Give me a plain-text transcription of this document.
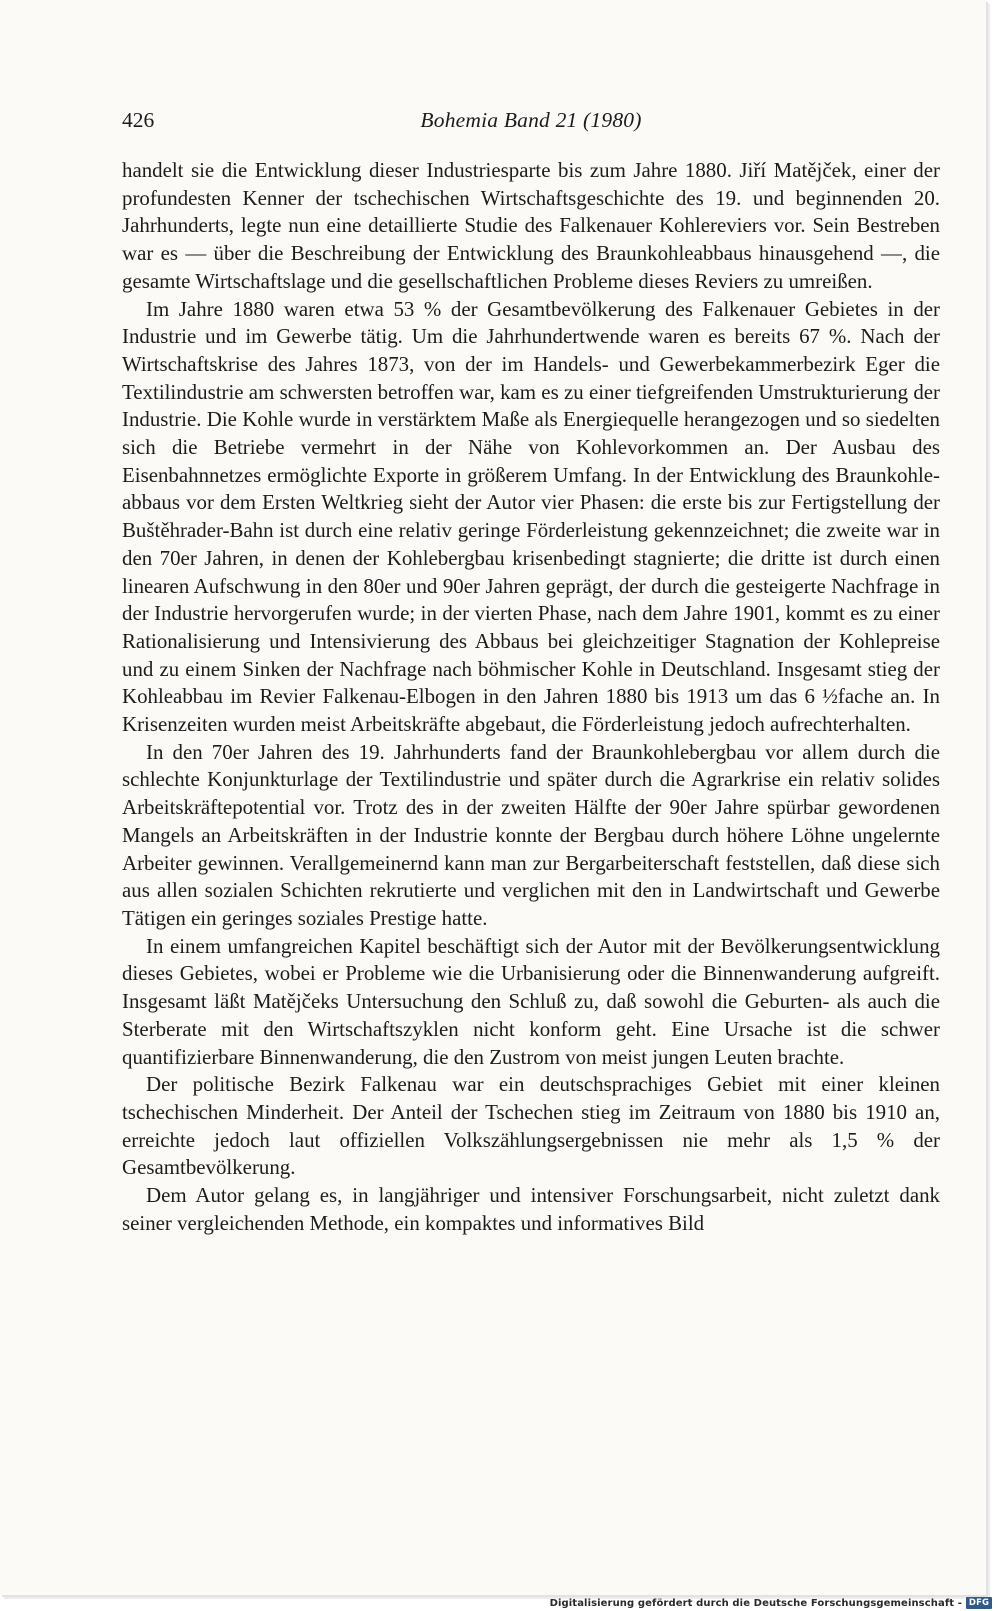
426	Bohemia Band 21 (1980)

handelt sie die Entwicklung dieser Industriesparte bis zum Jahre 1880. Jiří Matějček, einer der profundesten Kenner der tschechischen Wirtschaftsgeschichte des 19. und beginnenden 20. Jahrhunderts, legte nun eine detaillierte Studie des Falkenauer Kohlereviers vor. Sein Bestreben war es — über die Beschreibung der Entwicklung des Braunkohleabbaus hinausgehend —, die gesamte Wirtschaftslage und die gesellschaftlichen Probleme dieses Reviers zu umreißen.

Im Jahre 1880 waren etwa 53 % der Gesamtbevölkerung des Falkenauer Gebietes in der Industrie und im Gewerbe tätig. Um die Jahrhundertwende waren es bereits 67 %. Nach der Wirtschaftskrise des Jahres 1873, von der im Handels- und Gewerbekammerbezirk Eger die Textilindustrie am schwersten betroffen war, kam es zu einer tiefgreifenden Umstrukturierung der Industrie. Die Kohle wurde in verstärktem Maße als Energiequelle herangezogen und so siedelten sich die Betriebe vermehrt in der Nähe von Kohlevorkommen an. Der Ausbau des Eisenbahnnetzes ermöglichte Exporte in größerem Umfang. In der Entwicklung des Braunkohleabbaus vor dem Ersten Weltkrieg sieht der Autor vier Phasen: die erste bis zur Fertigstellung der Buštěhrader-Bahn ist durch eine relativ geringe Förderleistung gekennzeichnet; die zweite war in den 70er Jahren, in denen der Kohlebergbau krisenbedingt stagnierte; die dritte ist durch einen linearen Aufschwung in den 80er und 90er Jahren geprägt, der durch die gesteigerte Nachfrage in der Industrie hervorgerufen wurde; in der vierten Phase, nach dem Jahre 1901, kommt es zu einer Rationalisierung und Intensivierung des Abbaus bei gleichzeitiger Stagnation der Kohlepreise und zu einem Sinken der Nachfrage nach böhmischer Kohle in Deutschland. Insgesamt stieg der Kohleabbau im Revier Falkenau-Elbogen in den Jahren 1880 bis 1913 um das 6 ½fache an. In Krisenzeiten wurden meist Arbeitskräfte abgebaut, die Förderleistung jedoch aufrechterhalten.

In den 70er Jahren des 19. Jahrhunderts fand der Braunkohlebergbau vor allem durch die schlechte Konjunkturlage der Textilindustrie und später durch die Agrarkrise ein relativ solides Arbeitskräftepotential vor. Trotz des in der zweiten Hälfte der 90er Jahre spürbar gewordenen Mangels an Arbeitskräften in der Industrie konnte der Bergbau durch höhere Löhne ungelernte Arbeiter gewinnen. Verallgemeinernd kann man zur Bergarbeiterschaft feststellen, daß diese sich aus allen sozialen Schichten rekrutierte und verglichen mit den in Landwirtschaft und Gewerbe Tätigen ein geringes soziales Prestige hatte.

In einem umfangreichen Kapitel beschäftigt sich der Autor mit der Bevölkerungsentwicklung dieses Gebietes, wobei er Probleme wie die Urbanisierung oder die Binnenwanderung aufgreift. Insgesamt läßt Matějčeks Untersuchung den Schluß zu, daß sowohl die Geburten- als auch die Sterberate mit den Wirtschaftszyklen nicht konform geht. Eine Ursache ist die schwer quantifizierbare Binnenwanderung, die den Zustrom von meist jungen Leuten brachte.

Der politische Bezirk Falkenau war ein deutschsprachiges Gebiet mit einer kleinen tschechischen Minderheit. Der Anteil der Tschechen stieg im Zeitraum von 1880 bis 1910 an, erreichte jedoch laut offiziellen Volkszählungsergebnissen nie mehr als 1,5 % der Gesamtbevölkerung.

Dem Autor gelang es, in langjähriger und intensiver Forschungsarbeit, nicht zuletzt dank seiner vergleichenden Methode, ein kompaktes und informatives Bild

Digitalisierung gefördert durch die Deutsche Forschungsgemeinschaft - DFG
